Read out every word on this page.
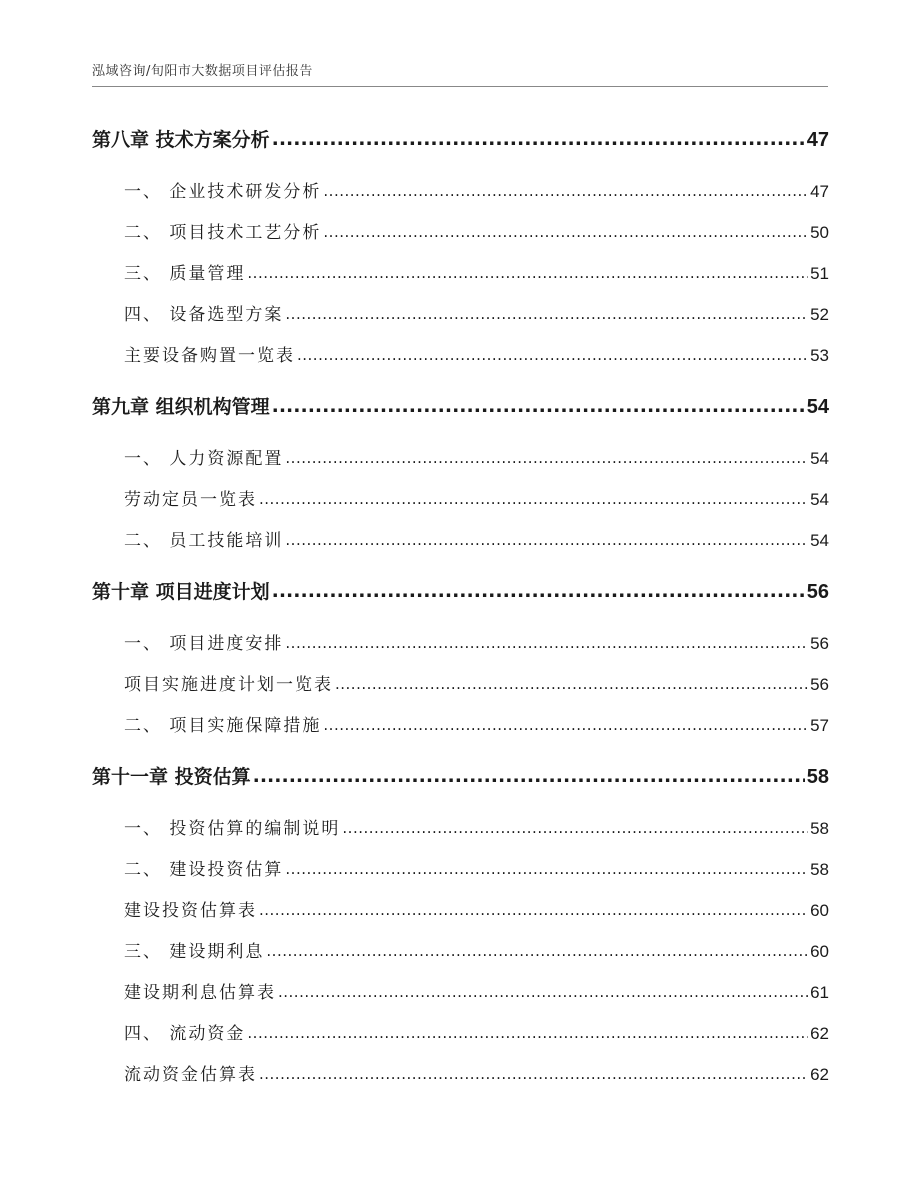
泓域咨询/旬阳市大数据项目评估报告
第八章 技术方案分析 .....	47
一、 企业技术研发分析 .....	47
二、 项目技术工艺分析 .....	50
三、 质量管理 .....	51
四、 设备选型方案 .....	52
主要设备购置一览表 .....	53
第九章 组织机构管理 .....	54
一、 人力资源配置 .....	54
劳动定员一览表 .....	54
二、 员工技能培训 .....	54
第十章 项目进度计划 .....	56
一、 项目进度安排 .....	56
项目实施进度计划一览表 .....	56
二、 项目实施保障措施 .....	57
第十一章 投资估算 .....	58
一、 投资估算的编制说明 .....	58
二、 建设投资估算 .....	58
建设投资估算表 .....	60
三、 建设期利息 .....	60
建设期利息估算表 .....	61
四、 流动资金 .....	62
流动资金估算表 .....	62
